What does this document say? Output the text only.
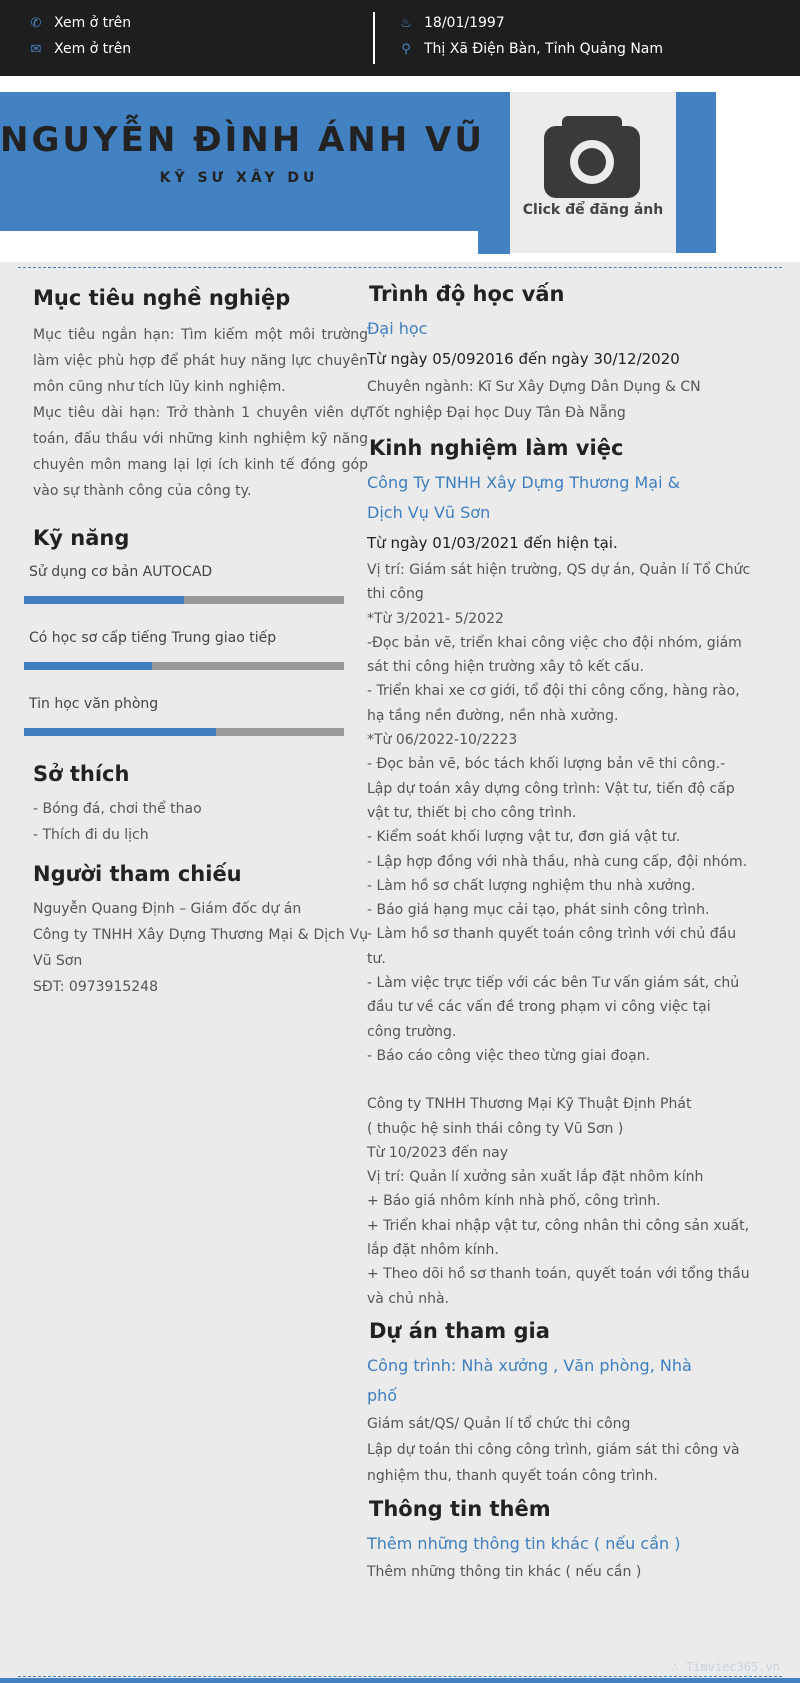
✆ Xem ở trên
✉ Xem ở trên
♨ 18/01/1997
⚲ Thị Xã Điện Bàn, Tỉnh Quảng Nam
NGUYỄN ĐÌNH ÁNH VŨ
KỸ SƯ XÂY DU
Click để đăng ảnh
Mục tiêu nghề nghiệp
Mục tiêu ngắn hạn: Tìm kiếm một môi trường làm việc phù hợp để phát huy năng lực chuyên môn cũng như tích lũy kinh nghiệm.
Mục tiêu dài hạn: Trở thành 1 chuyên viên dự toán, đấu thầu với những kinh nghiệm kỹ năng chuyên môn mang lại lợi ích kinh tế đóng góp vào sự thành công của công ty.
Kỹ năng
Sử dụng cơ bản AUTOCAD
Có học sơ cấp tiếng Trung giao tiếp
Tin học văn phòng
Sở thích
- Bóng đá, chơi thể thao
- Thích đi du lịch
Người tham chiếu
Nguyễn Quang Định – Giám đốc dự án
Công ty TNHH Xây Dựng Thương Mại & Dịch Vụ Vũ Sơn
SĐT: 0973915248
Trình độ học vấn
Đại học
Từ ngày 05/092016 đến ngày 30/12/2020
Chuyên ngành: Kĩ Sư Xây Dựng Dân Dụng & CN
Tốt nghiệp Đại học Duy Tân Đà Nẵng
Kinh nghiệm làm việc
Công Ty TNHH Xây Dựng Thương Mại & Dịch Vụ Vũ Sơn
Từ ngày 01/03/2021 đến hiện tại.
Vị trí: Giám sát hiện trường, QS dự án, Quản lí Tổ Chức
thi công
*Từ 3/2021- 5/2022
-Đọc bản vẽ, triển khai công việc cho đội nhóm, giám
sát thi công hiện trường xây tô kết cấu.
- Triển khai xe cơ giới, tổ đội thi công cống, hàng rào,
hạ tầng nền đường, nền nhà xưởng.
*Từ 06/2022-10/2223
- Đọc bản vẽ, bóc tách khối lượng bản vẽ thi công.-
Lập dự toán xây dựng công trình: Vật tư, tiến độ cấp
vật tư, thiết bị cho công trình.
- Kiểm soát khối lượng vật tư, đơn giá vật tư.
- Lập hợp đồng với nhà thầu, nhà cung cấp, đội nhóm.
- Làm hồ sơ chất lượng nghiệm thu nhà xưởng.
- Báo giá hạng mục cải tạo, phát sinh công trình.
- Làm hồ sơ thanh quyết toán công trình với chủ đầu
tư.
- Làm việc trực tiếp với các bên Tư vấn giám sát, chủ
đầu tư về các vấn đề trong phạm vi công việc tại
công trường.
- Báo cáo công việc theo từng giai đoạn.
Công ty TNHH Thương Mại Kỹ Thuật Định Phát
( thuộc hệ sinh thái công ty Vũ Sơn )
Từ 10/2023 đến nay
Vị trí: Quản lí xưởng sản xuất lắp đặt nhôm kính
+ Báo giá nhôm kính nhà phố, công trình.
+ Triển khai nhập vật tư, công nhân thi công sản xuất,
lắp đặt nhôm kính.
+ Theo dõi hồ sơ thanh toán, quyết toán với tổng thầu
và chủ nhà.
Dự án tham gia
Công trình: Nhà xưởng , Văn phòng, Nhà phố
Giám sát/QS/ Quản lí tổ chức thi công
Lập dự toán thi công công trình, giám sát thi công và
nghiệm thu, thanh quyết toán công trình.
Thông tin thêm
Thêm những thông tin khác ( nếu cần )
Thêm những thông tin khác ( nếu cần )
∴ Timviec365.vn
